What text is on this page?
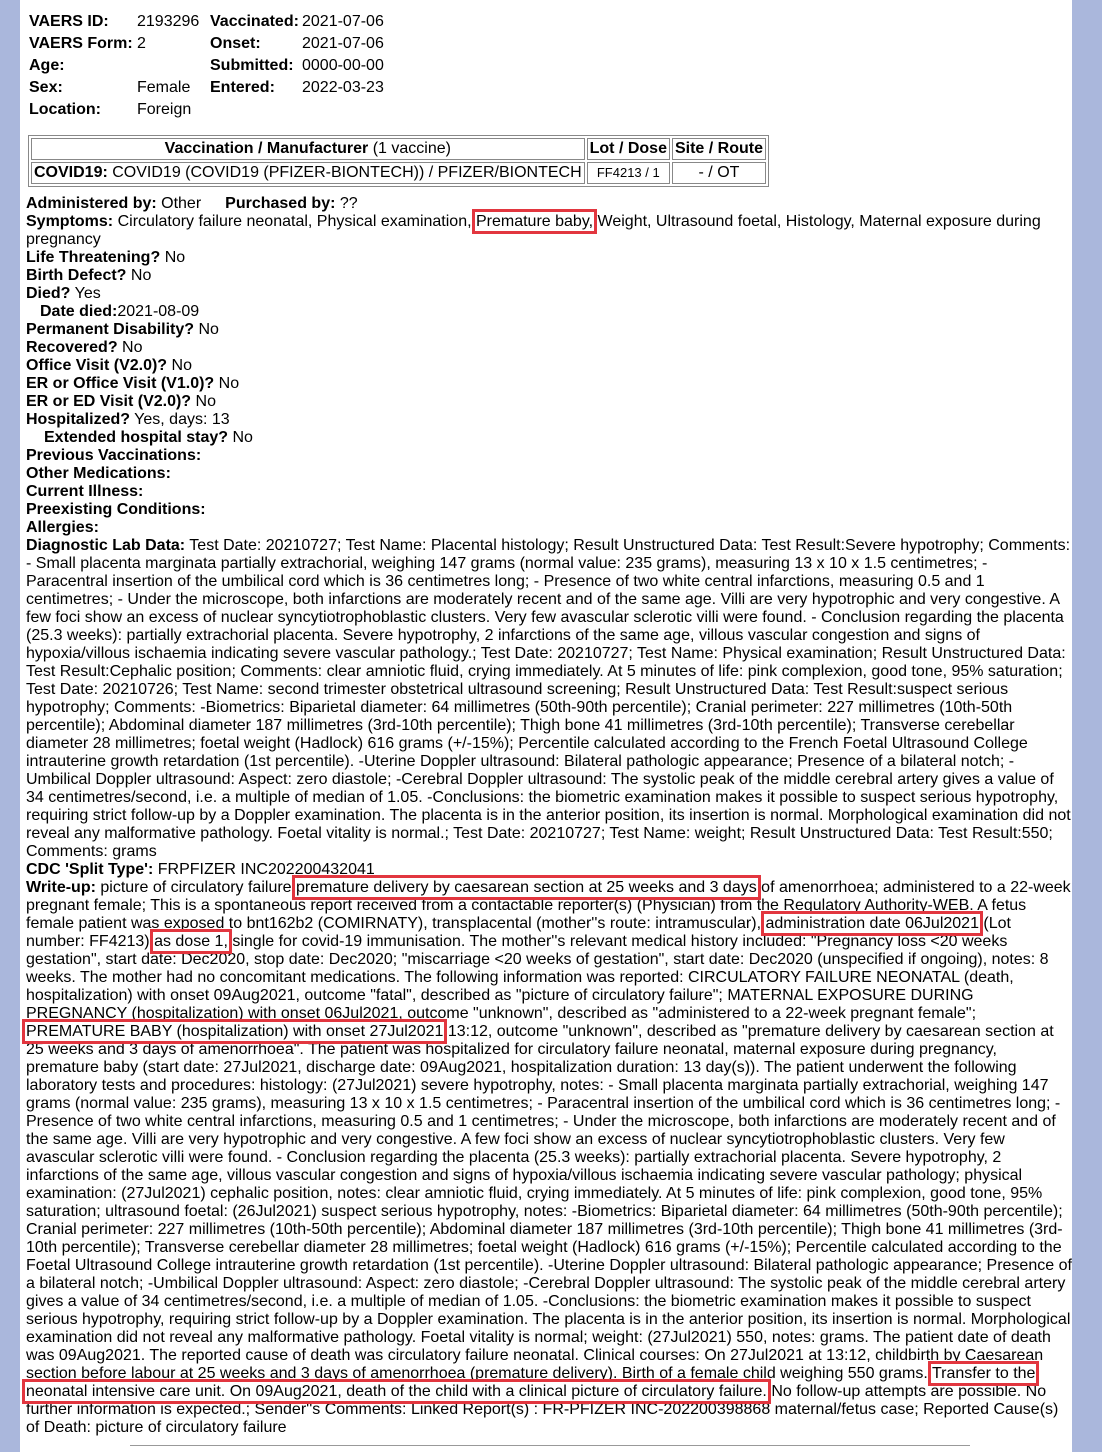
VAERS ID: 2193296 Vaccinated: 2021-07-06
VAERS Form: 2	Onset:	2021-07-06
Age:	Submitted: 0000-00-00
Sex:	Female Entered: 2022-03-23
Location: Foreign
Vaccination / Manufacturer (1 vaccine)	Lot / Dose	Site / Route
COVID19: COVID19 (COVID19 (PFIZER-BIONTECH)) / PFIZER/BIONTECH	FF4213 / 1	- / OT
Administered by: Other Purchased by: ??
Symptoms: Circulatory failure neonatal, Physical examination, Premature baby, Weight, Ultrasound foetal, Histology, Maternal exposure during pregnancy
Life Threatening? No
Birth Defect? No
Died? Yes
Date died:2021-08-09
Permanent Disability? No
Recovered? No
Office Visit (V2.0)? No
ER or Office Visit (V1.0)? No
ER or ED Visit (V2.0)? No
Hospitalized? Yes, days: 13
Extended hospital stay? No
Previous Vaccinations:
Other Medications:
Current Illness:
Preexisting Conditions:
Allergies:
Diagnostic Lab Data: Test Date: 20210727; Test Name: Placental histology; Result Unstructured Data: Test Result:Severe hypotrophy; Comments: - Small placenta marginata partially extrachorial, weighing 147 grams (normal value: 235 grams), measuring 13 x 10 x 1.5 centimetres; - Paracentral insertion of the umbilical cord which is 36 centimetres long; - Presence of two white central infarctions, measuring 0.5 and 1 centimetres; - Under the microscope, both infarctions are moderately recent and of the same age. Villi are very hypotrophic and very congestive. A few foci show an excess of nuclear syncytiotrophoblastic clusters. Very few avascular sclerotic villi were found. - Conclusion regarding the placenta (25.3 weeks): partially extrachorial placenta. Severe hypotrophy, 2 infarctions of the same age, villous vascular congestion and signs of hypoxia/villous ischaemia indicating severe vascular pathology.; Test Date: 20210727; Test Name: Physical examination; Result Unstructured Data: Test Result:Cephalic position; Comments: clear amniotic fluid, crying immediately. At 5 minutes of life: pink complexion, good tone, 95% saturation; Test Date: 20210726; Test Name: second trimester obstetrical ultrasound screening; Result Unstructured Data: Test Result:suspect serious hypotrophy; Comments: -Biometrics: Biparietal diameter: 64 millimetres (50th-90th percentile); Cranial perimeter: 227 millimetres (10th-50th percentile); Abdominal diameter 187 millimetres (3rd-10th percentile); Thigh bone 41 millimetres (3rd-10th percentile); Transverse cerebellar diameter 28 millimetres; foetal weight (Hadlock) 616 grams (+/-15%); Percentile calculated according to the French Foetal Ultrasound College intrauterine growth retardation (1st percentile). -Uterine Doppler ultrasound: Bilateral pathologic appearance; Presence of a bilateral notch; -Umbilical Doppler ultrasound: Aspect: zero diastole; -Cerebral Doppler ultrasound: The systolic peak of the middle cerebral artery gives a value of 34 centimetres/second, i.e. a multiple of median of 1.05. -Conclusions: the biometric examination makes it possible to suspect serious hypotrophy, requiring strict follow-up by a Doppler examination. The placenta is in the anterior position, its insertion is normal. Morphological examination did not reveal any malformative pathology. Foetal vitality is normal.; Test Date: 20210727; Test Name: weight; Result Unstructured Data: Test Result:550; Comments: grams
CDC 'Split Type': FRPFIZER INC202200432041
Write-up: picture of circulatory failure;premature delivery by caesarean section at 25 weeks and 3 days of amenorrhoea; administered to a 22-week pregnant female; This is a spontaneous report received from a contactable reporter(s) (Physician) from the Regulatory Authority-WEB. A fetus female patient was exposed to bnt162b2 (COMIRNATY), transplacental (mother''s route: intramuscular), administration date 06Jul2021 (Lot number: FF4213) as dose 1, single for covid-19 immunisation. The mother''s relevant medical history included: "Pregnancy loss <20 weeks gestation", start date: Dec2020, stop date: Dec2020; "miscarriage <20 weeks of gestation", start date: Dec2020 (unspecified if ongoing), notes: 8 weeks. The mother had no concomitant medications. The following information was reported: CIRCULATORY FAILURE NEONATAL (death, hospitalization) with onset 09Aug2021, outcome "fatal", described as "picture of circulatory failure"; MATERNAL EXPOSURE DURING PREGNANCY (hospitalization) with onset 06Jul2021, outcome "unknown", described as "administered to a 22-week pregnant female"; PREMATURE BABY (hospitalization) with onset 27Jul2021 13:12, outcome "unknown", described as "premature delivery by caesarean section at 25 weeks and 3 days of amenorrhoea". The patient was hospitalized for circulatory failure neonatal, maternal exposure during pregnancy, premature baby (start date: 27Jul2021, discharge date: 09Aug2021, hospitalization duration: 13 day(s)). The patient underwent the following laboratory tests and procedures: histology: (27Jul2021) severe hypotrophy, notes: - Small placenta marginata partially extrachorial, weighing 147 grams (normal value: 235 grams), measuring 13 x 10 x 1.5 centimetres; - Paracentral insertion of the umbilical cord which is 36 centimetres long; - Presence of two white central infarctions, measuring 0.5 and 1 centimetres; - Under the microscope, both infarctions are moderately recent and of the same age. Villi are very hypotrophic and very congestive. A few foci show an excess of nuclear syncytiotrophoblastic clusters. Very few avascular sclerotic villi were found. - Conclusion regarding the placenta (25.3 weeks): partially extrachorial placenta. Severe hypotrophy, 2 infarctions of the same age, villous vascular congestion and signs of hypoxia/villous ischaemia indicating severe vascular pathology; physical examination: (27Jul2021) cephalic position, notes: clear amniotic fluid, crying immediately. At 5 minutes of life: pink complexion, good tone, 95% saturation; ultrasound foetal: (26Jul2021) suspect serious hypotrophy, notes: -Biometrics: Biparietal diameter: 64 millimetres (50th-90th percentile); Cranial perimeter: 227 millimetres (10th-50th percentile); Abdominal diameter 187 millimetres (3rd-10th percentile); Thigh bone 41 millimetres (3rd-10th percentile); Transverse cerebellar diameter 28 millimetres; foetal weight (Hadlock) 616 grams (+/-15%); Percentile calculated according to the Foetal Ultrasound College intrauterine growth retardation (1st percentile). -Uterine Doppler ultrasound: Bilateral pathologic appearance; Presence of a bilateral notch; -Umbilical Doppler ultrasound: Aspect: zero diastole; -Cerebral Doppler ultrasound: The systolic peak of the middle cerebral artery gives a value of 34 centimetres/second, i.e. a multiple of median of 1.05. -Conclusions: the biometric examination makes it possible to suspect serious hypotrophy, requiring strict follow-up by a Doppler examination. The placenta is in the anterior position, its insertion is normal. Morphological examination did not reveal any malformative pathology. Foetal vitality is normal; weight: (27Jul2021) 550, notes: grams. The patient date of death was 09Aug2021. The reported cause of death was circulatory failure neonatal. Clinical courses: On 27Jul2021 at 13:12, childbirth by Caesarean section before labour at 25 weeks and 3 days of amenorrhoea (premature delivery). Birth of a female child weighing 550 grams. Transfer to the neonatal intensive care unit. On 09Aug2021, death of the child with a clinical picture of circulatory failure. No follow-up attempts are possible. No further information is expected.; Sender''s Comments: Linked Report(s) : FR-PFIZER INC-202200398868 maternal/fetus case; Reported Cause(s) of Death: picture of circulatory failure
